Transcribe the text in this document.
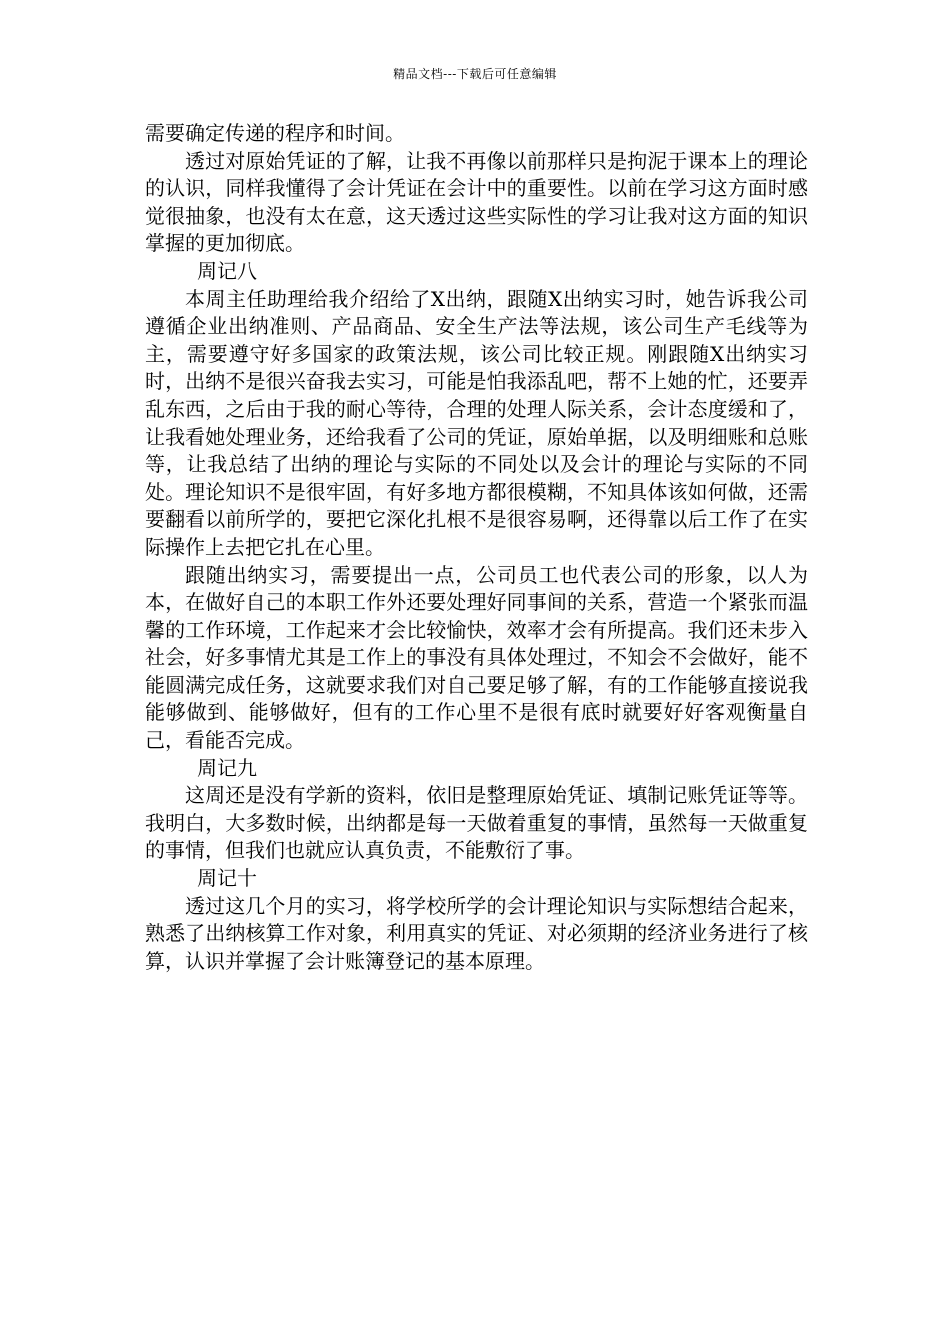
精品文档---下载后可任意编辑

需要确定传递的程序和时间。

透过对原始凭证的了解，让我不再像以前那样只是拘泥于课本上的理论的认识，同样我懂得了会计凭证在会计中的重要性。以前在学习这方面时感觉很抽象，也没有太在意，这天透过这些实际性的学习让我对这方面的知识掌握的更加彻底。

周记八

本周主任助理给我介绍给了X出纳，跟随X出纳实习时，她告诉我公司遵循企业出纳准则、产品商品、安全生产法等法规，该公司生产毛线等为主，需要遵守好多国家的政策法规，该公司比较正规。刚跟随X出纳实习时，出纳不是很兴奋我去实习，可能是怕我添乱吧，帮不上她的忙，还要弄乱东西，之后由于我的耐心等待，合理的处理人际关系，会计态度缓和了，让我看她处理业务，还给我看了公司的凭证，原始单据，以及明细账和总账等，让我总结了出纳的理论与实际的不同处以及会计的理论与实际的不同处。理论知识不是很牢固，有好多地方都很模糊，不知具体该如何做，还需要翻看以前所学的，要把它深化扎根不是很容易啊，还得靠以后工作了在实际操作上去把它扎在心里。

跟随出纳实习，需要提出一点，公司员工也代表公司的形象，以人为本，在做好自己的本职工作外还要处理好同事间的关系，营造一个紧张而温馨的工作环境，工作起来才会比较愉快，效率才会有所提高。我们还未步入社会，好多事情尤其是工作上的事没有具体处理过，不知会不会做好，能不能圆满完成任务，这就要求我们对自己要足够了解，有的工作能够直接说我能够做到、能够做好，但有的工作心里不是很有底时就要好好客观衡量自己，看能否完成。

周记九

这周还是没有学新的资料，依旧是整理原始凭证、填制记账凭证等等。我明白，大多数时候，出纳都是每一天做着重复的事情，虽然每一天做重复的事情，但我们也就应认真负责，不能敷衍了事。

周记十

透过这几个月的实习，将学校所学的会计理论知识与实际想结合起来，熟悉了出纳核算工作对象，利用真实的凭证、对必须期的经济业务进行了核算，认识并掌握了会计账簿登记的基本原理。
